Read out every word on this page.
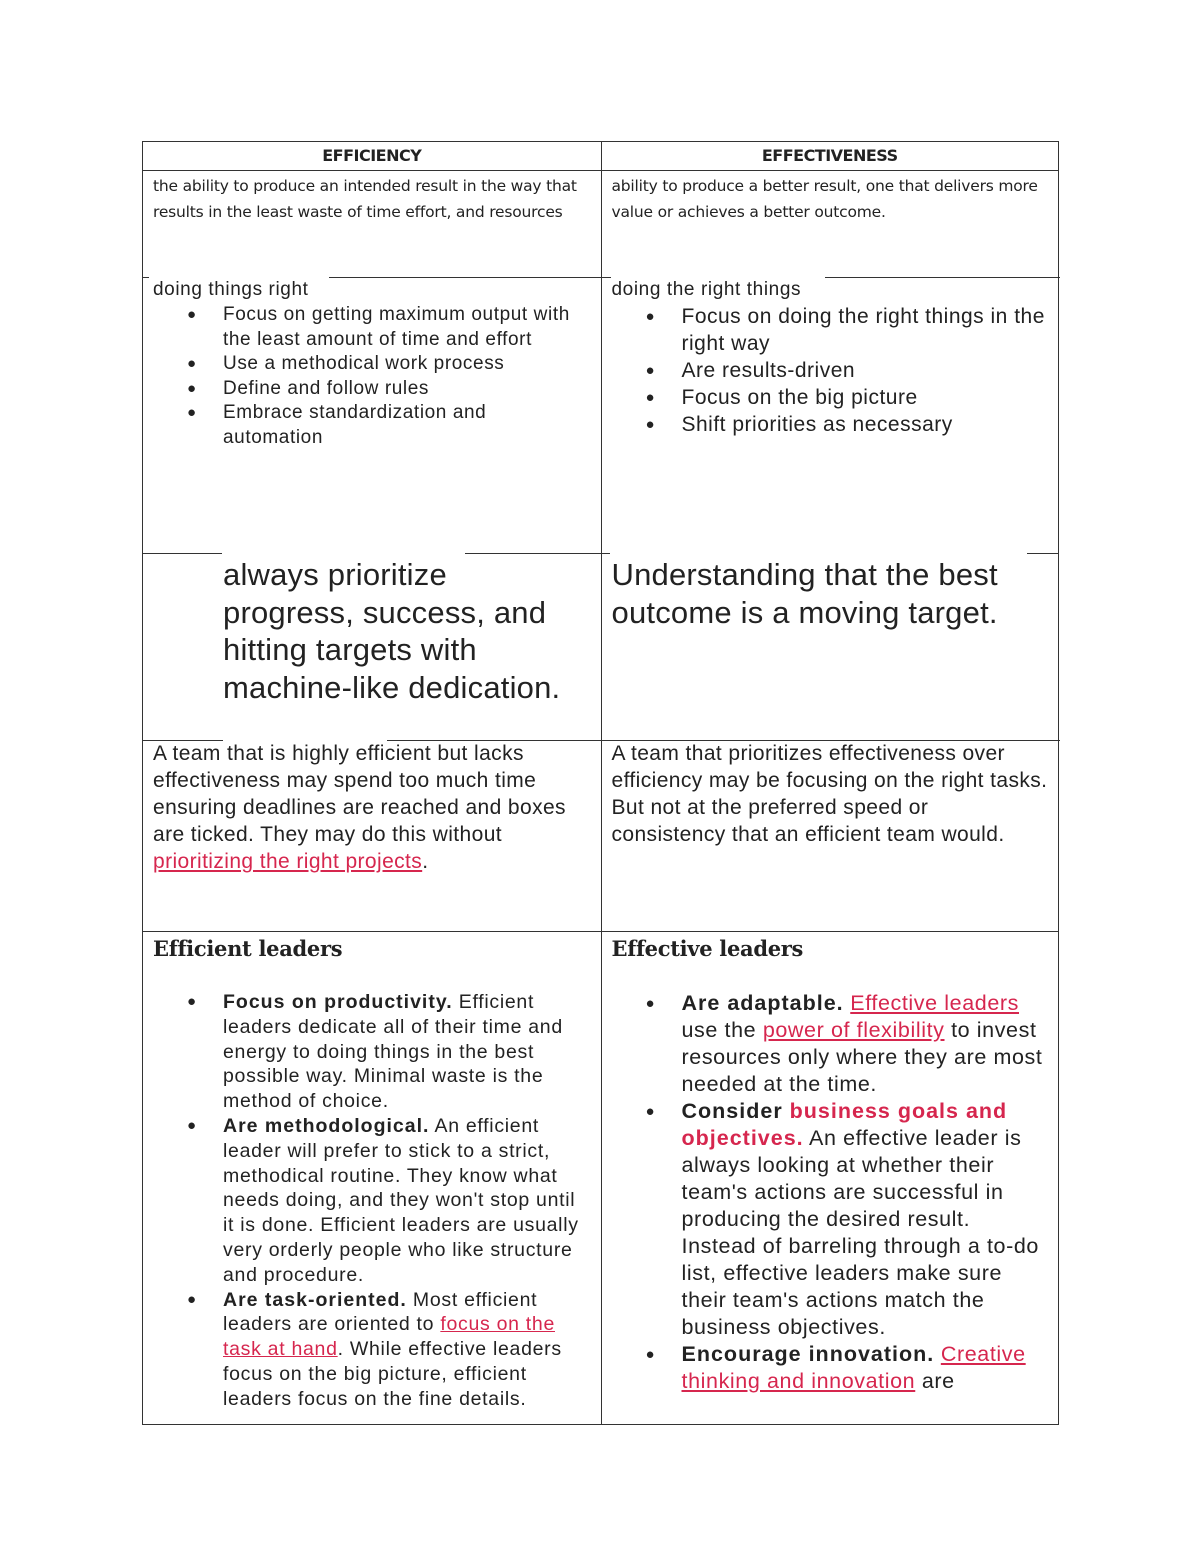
EFFICIENCY	EFFECTIVENESS

the ability to produce an intended result in the way that results in the least waste of time effort, and resources

ability to produce a better result, one that delivers more value or achieves a better outcome.

doing things right	doing the right things
● Focus on getting maximum output with the least amount of time and effort
● Use a methodical work process
● Define and follow rules
● Embrace standardization and automation
● Focus on doing the right things in the right way
● Are results-driven
● Focus on the big picture
● Shift priorities as necessary
always prioritize progress, success, and hitting targets with machine-like dedication.
Understanding that the best outcome is a moving target.

A team that is highly efficient but lacks effectiveness may spend too much time ensuring deadlines are reached and boxes are ticked. They may do this without prioritizing the right projects.

A team that prioritizes effectiveness over efficiency may be focusing on the right tasks. But not at the preferred speed or consistency that an efficient team would.

Efficient leaders
● Focus on productivity. Efficient leaders dedicate all of their time and energy to doing things in the best possible way. Minimal waste is the method of choice.
● Are methodological. An efficient leader will prefer to stick to a strict, methodical routine. They know what needs doing, and they won't stop until it is done. Efficient leaders are usually very orderly people who like structure and procedure.
● Are task-oriented. Most efficient leaders are oriented to focus on the task at hand. While effective leaders focus on the big picture, efficient leaders focus on the fine details.
Effective leaders
● Are adaptable. Effective leaders use the power of flexibility to invest resources only where they are most needed at the time.
● Consider business goals and objectives. An effective leader is always looking at whether their team's actions are successful in producing the desired result. Instead of barreling through a to-do list, effective leaders make sure their team's actions match the business objectives.
● Encourage innovation. Creative thinking and innovation are
